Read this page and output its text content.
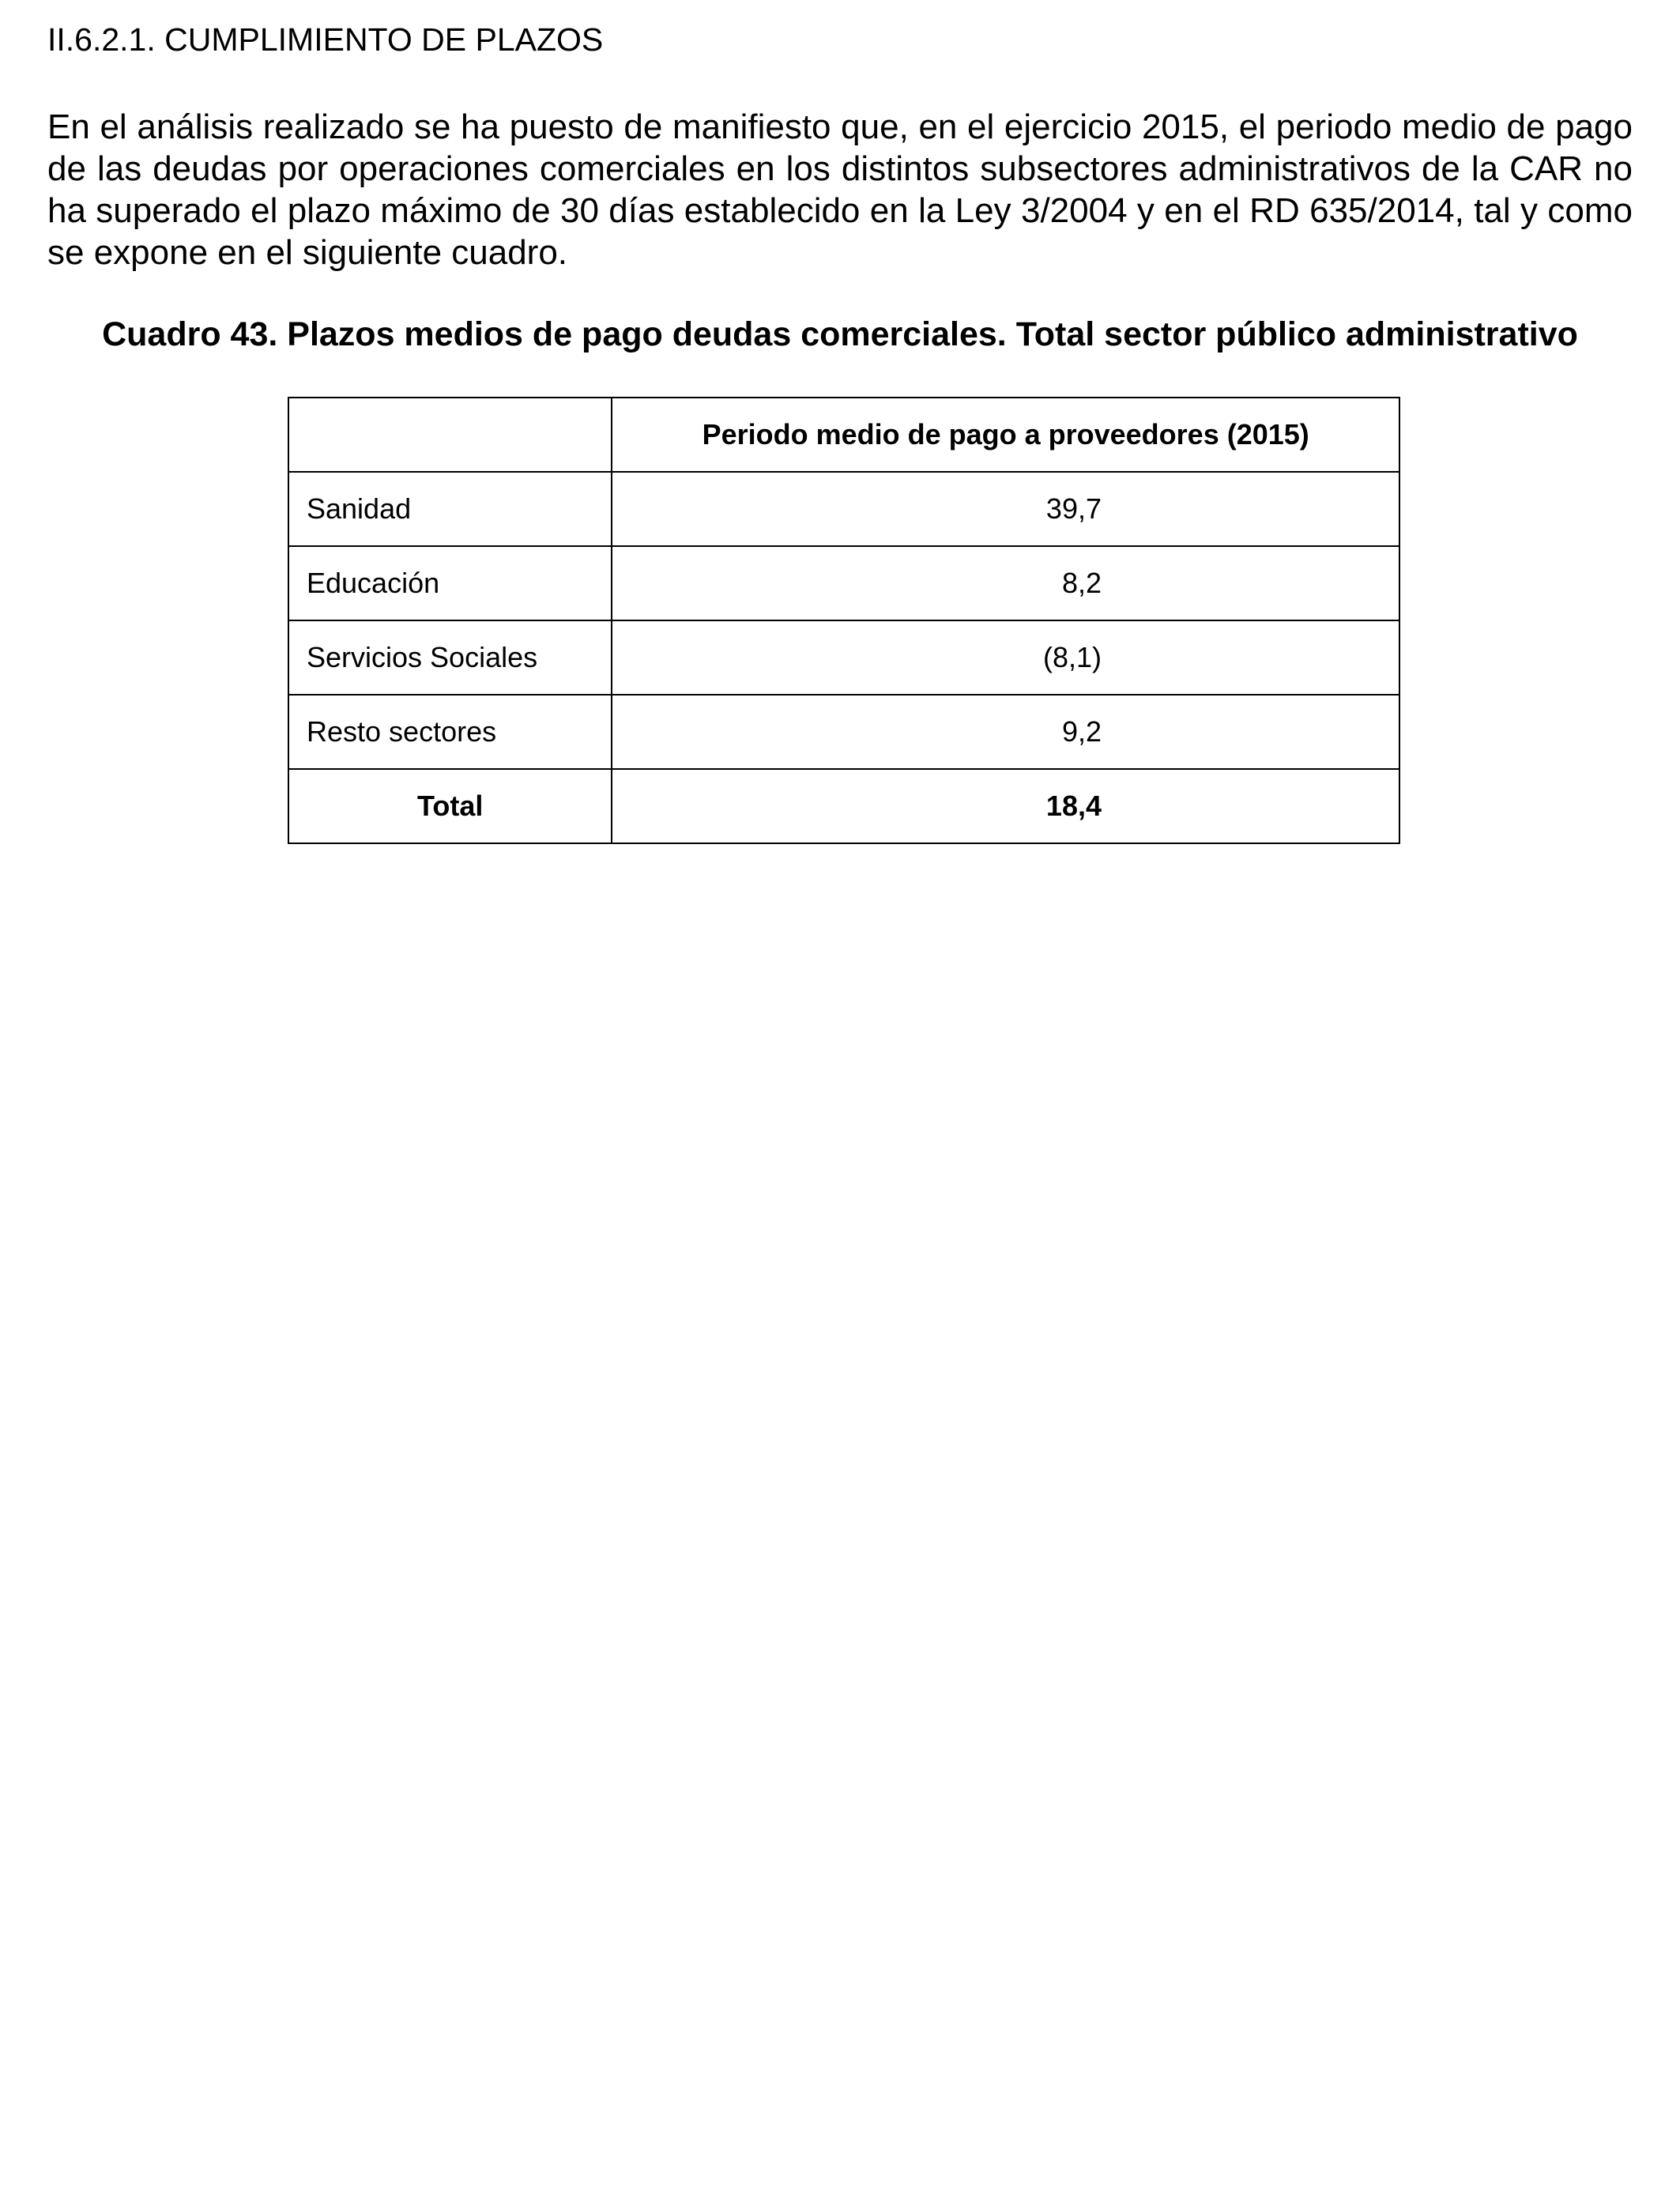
II.6.2.1. CUMPLIMIENTO DE PLAZOS
En el análisis realizado se ha puesto de manifiesto que, en el ejercicio 2015, el periodo medio de pago de las deudas por operaciones comerciales en los distintos subsectores administrativos de la CAR no ha superado el plazo máximo de 30 días establecido en la Ley 3/2004 y en el RD 635/2014, tal y como se expone en el siguiente cuadro.
Cuadro 43. Plazos medios de pago deudas comerciales. Total sector público administrativo
	Periodo medio de pago a proveedores (2015)
Sanidad	39,7
Educación	8,2
Servicios Sociales	(8,1)
Resto sectores	9,2
Total	18,4
